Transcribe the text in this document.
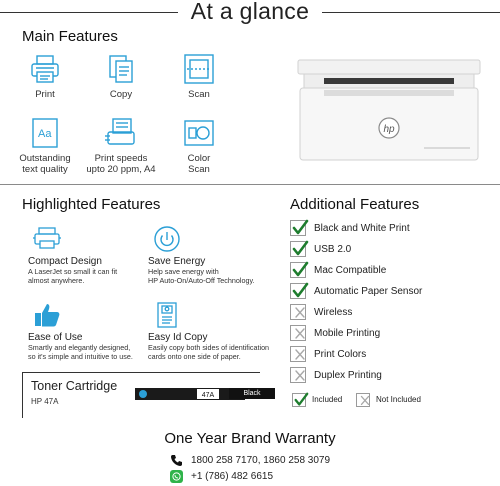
At a glance
Main Features
Print	Copy	Scan
Aa
Outstanding
text quality
Print speeds
upto 20 ppm, A4
Color
Scan
hp
Highlighted Features
Compact Design
A LaserJet so small it can fit
almost anywhere.
Save Energy
Help save energy with
HP Auto-On/Auto-Off Technology.
Ease of Use
Smartly and elegantly designed,
so it's simple and intuitive to use.
Easy Id Copy
Easily copy both sides of identification
cards onto one side of paper.
Toner Cartridge
HP 47A
47A	Black
Additional Features
Black and White Print
USB 2.0
Mac Compatible
Automatic Paper Sensor
Wireless
Mobile Printing
Print Colors
Duplex Printing
Included	Not Included
One Year Brand Warranty
1800 258 7170, 1860 258 3079
+1 (786) 482 6615
